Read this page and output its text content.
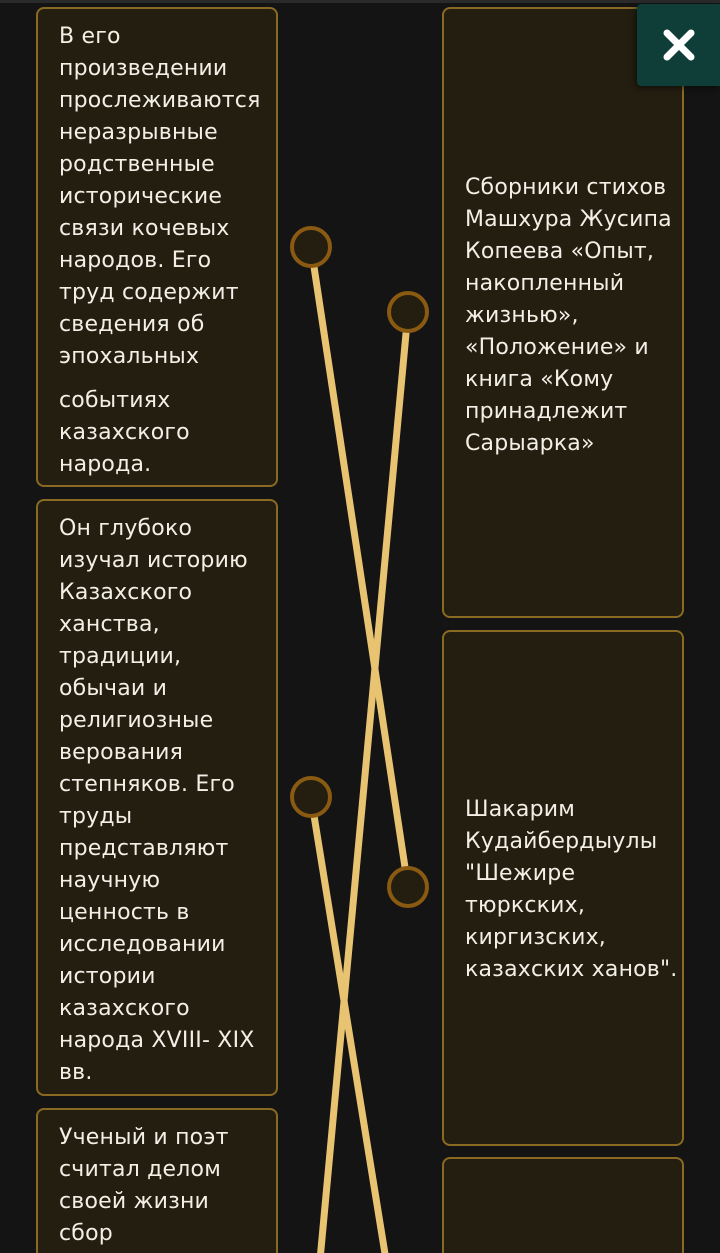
В его
произведении
прослеживаются
неразрывные
родственные
исторические
связи кочевых
народов. Его
труд содержит
сведения об
эпохальных
событиях
казахского
народа.
Он глубоко
изучал историю
Казахского
ханства,
традиции,
обычаи и
религиозные
верования
степняков. Его
труды
представляют
научную
ценность в
исследовании
истории
казахского
народа XVIII- XIX
вв.
Ученый и поэт
считал делом
своей жизни
сбор
Сборники стихов
Машхура Жусипа
Копеева «Опыт,
накопленный
жизнью»,
«Положение» и
книга «Кому
принадлежит
Сарыарка»
Шакарим
Кудайбердыулы
"Шежире
тюркских,
киргизских,
казахских ханов".
